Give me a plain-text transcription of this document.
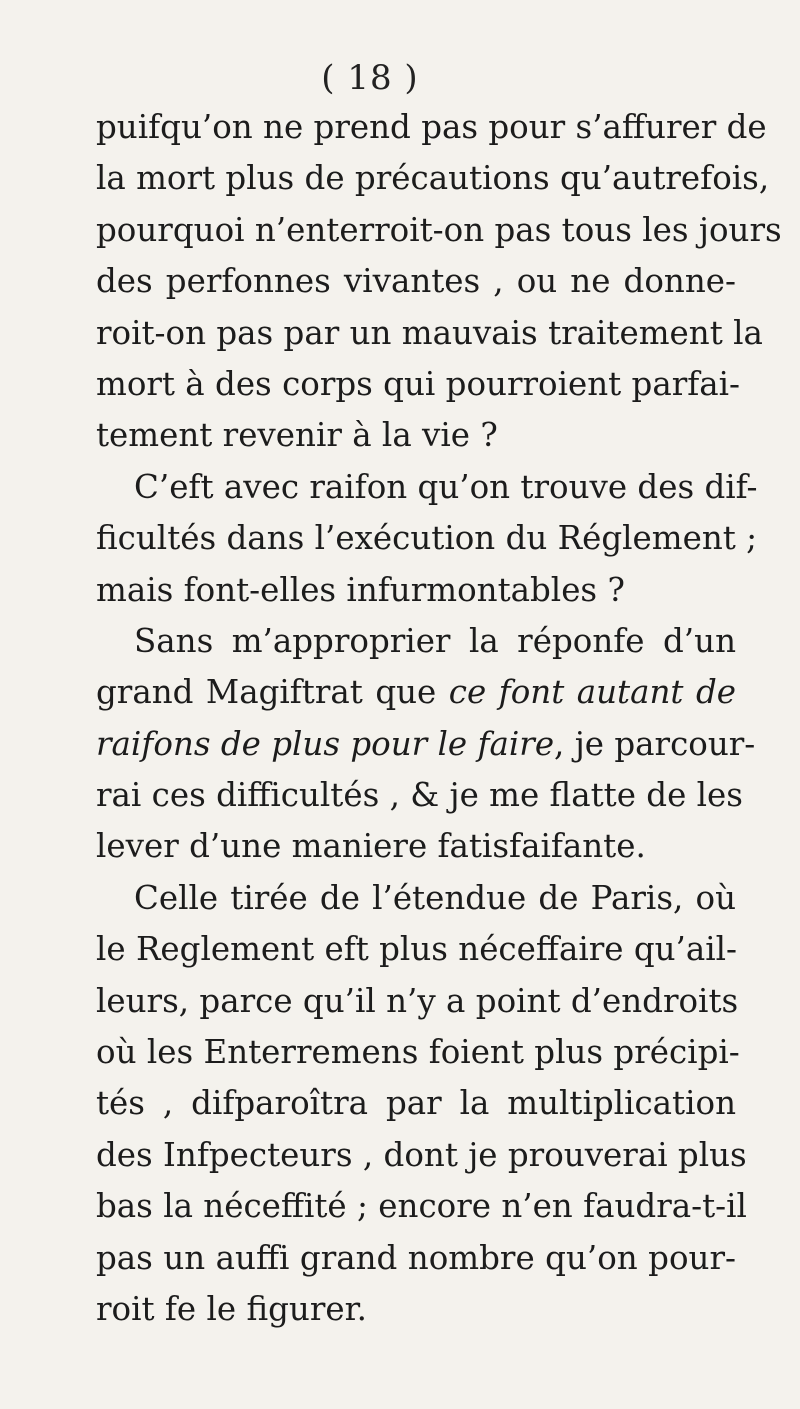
( 18 )
puifqu’on ne prend pas pour s’affurer de
la mort plus de précautions qu’autrefois,
pourquoi n’enterroit-on pas tous les jours
des perfonnes vivantes , ou ne donne-
roit-on pas par un mauvais traitement la
mort à des corps qui pourroient parfai-
tement revenir à la vie ?
C’eft avec raifon qu’on trouve des dif-
ficultés dans l’exécution du Réglement ;
mais font-elles infurmontables ?
Sans m’approprier la réponfe d’un
grand Magiftrat que ce font autant de
raifons de plus pour le faire, je parcour-
rai ces difficultés , & je me flatte de les
lever d’une maniere fatisfaifante.
Celle tirée de l’étendue de Paris, où
le Reglement eft plus néceffaire qu’ail-
leurs, parce qu’il n’y a point d’endroits
où les Enterremens foient plus précipi-
tés , difparoîtra par la multiplication
des Infpecteurs , dont je prouverai plus
bas la néceffité ; encore n’en faudra-t-il
pas un auffi grand nombre qu’on pour-
roit fe le figurer.
